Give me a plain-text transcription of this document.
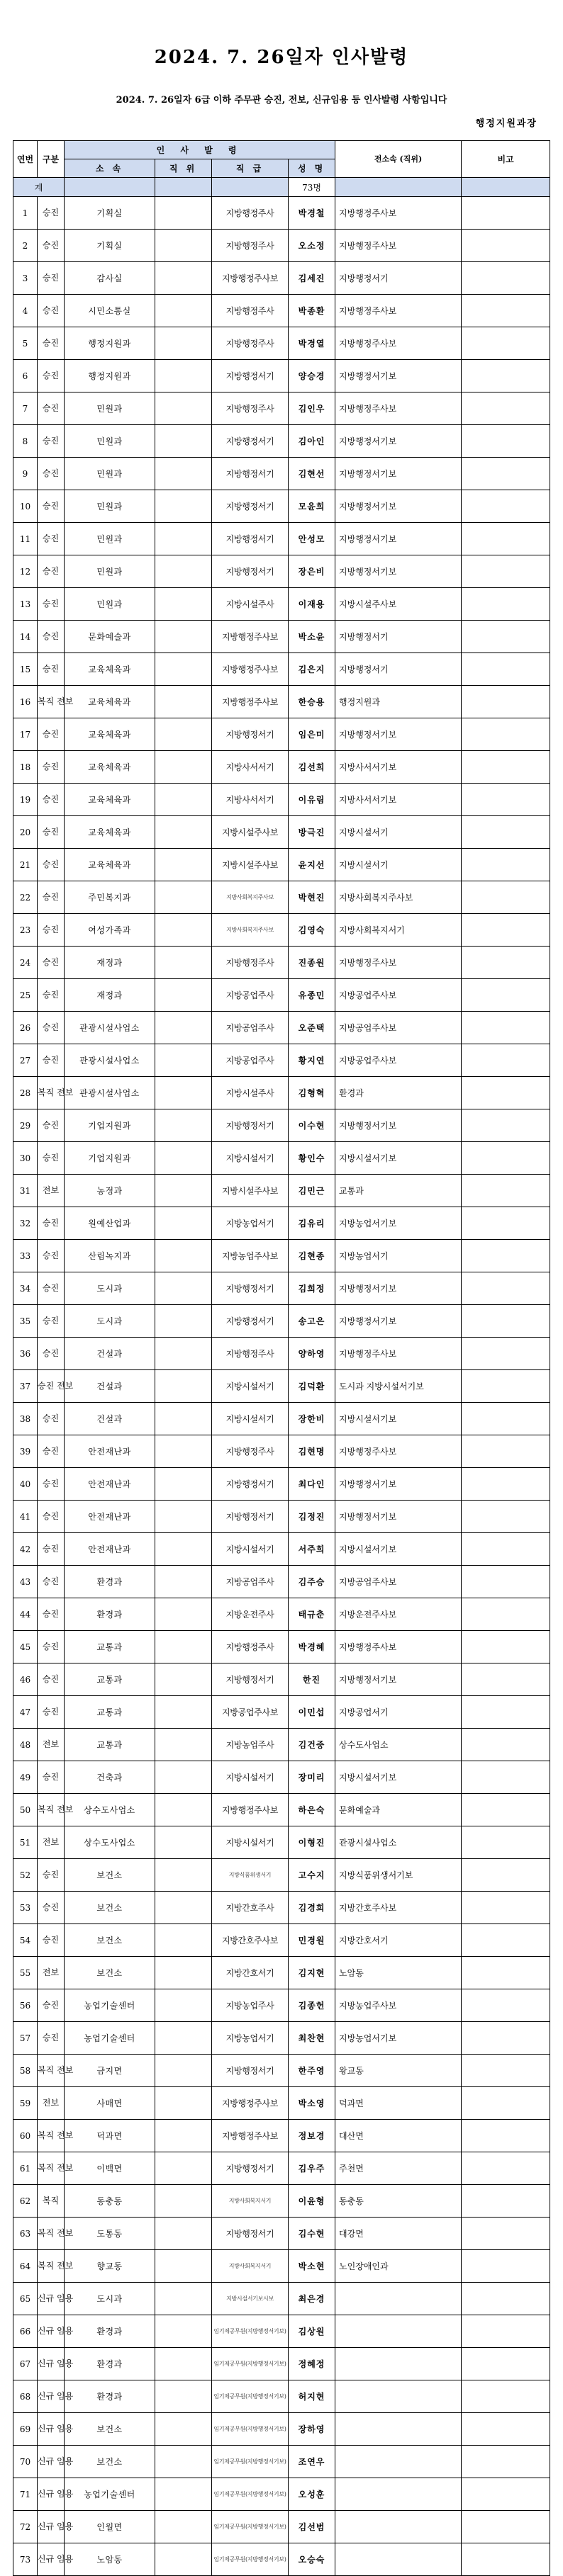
2024. 7. 26일자 인사발령
2024. 7. 26일자 6급 이하 주무관 승진, 전보, 신규임용 등 인사발령 사항입니다
행정지원과장
연번	구분	인 사 발 령				전소속 (직위)	비고
		소 속	직 위	직 급	성 명		
계					73명		
1	승진	기획실		지방행정주사	박경철	지방행정주사보	
2	승진	기획실		지방행정주사	오소정	지방행정주사보	
3	승진	감사실		지방행정주사보	김세진	지방행정서기	
4	승진	시민소통실		지방행정주사	박종환	지방행정주사보	
5	승진	행정지원과		지방행정주사	박경열	지방행정주사보	
6	승진	행정지원과		지방행정서기	양승경	지방행정서기보	
7	승진	민원과		지방행정주사	김인우	지방행정주사보	
8	승진	민원과		지방행정서기	김아인	지방행정서기보	
9	승진	민원과		지방행정서기	김현선	지방행정서기보	
10	승진	민원과		지방행정서기	모윤희	지방행정서기보	
11	승진	민원과		지방행정서기	안성모	지방행정서기보	
12	승진	민원과		지방행정서기	장은비	지방행정서기보	
13	승진	민원과		지방시설주사	이재용	지방시설주사보	
14	승진	문화예술과		지방행정주사보	박소윤	지방행정서기	
15	승진	교육체육과		지방행정주사보	김은지	지방행정서기	
16	복직 전보	교육체육과		지방행정주사보	한승용	행정지원과	
17	승진	교육체육과		지방행정서기	임은미	지방행정서기보	
18	승진	교육체육과		지방사서서기	김선희	지방사서서기보	
19	승진	교육체육과		지방사서서기	이유림	지방사서서기보	
20	승진	교육체육과		지방시설주사보	방극진	지방시설서기	
21	승진	교육체육과		지방시설주사보	윤지선	지방시설서기	
22	승진	주민복지과		지방사회복지주사보	박현진	지방사회복지주사보	
23	승진	여성가족과		지방사회복지주사보	김영숙	지방사회복지서기	
24	승진	재정과		지방행정주사	진종원	지방행정주사보	
25	승진	재정과		지방공업주사	유종민	지방공업주사보	
26	승진	관광시설사업소		지방공업주사	오준택	지방공업주사보	
27	승진	관광시설사업소		지방공업주사	황지연	지방공업주사보	
28	복직 전보	관광시설사업소		지방시설주사	김형혁	환경과	
29	승진	기업지원과		지방행정서기	이수현	지방행정서기보	
30	승진	기업지원과		지방시설서기	황인수	지방시설서기보	
31	전보	농정과		지방시설주사보	김민근	교통과	
32	승진	원예산업과		지방농업서기	김유리	지방농업서기보	
33	승진	산림녹지과		지방농업주사보	김현종	지방농업서기	
34	승진	도시과		지방행정서기	김희정	지방행정서기보	
35	승진	도시과		지방행정서기	송고은	지방행정서기보	
36	승진	건설과		지방행정주사	양하영	지방행정주사보	
37	승진 전보	건설과		지방시설서기	김덕환	도시과 지방시설서기보	
38	승진	건설과		지방시설서기	장한비	지방시설서기보	
39	승진	안전재난과		지방행정주사	김현명	지방행정주사보	
40	승진	안전재난과		지방행정서기	최다인	지방행정서기보	
41	승진	안전재난과		지방행정서기	김정진	지방행정서기보	
42	승진	안전재난과		지방시설서기	서주희	지방시설서기보	
43	승진	환경과		지방공업주사	김주승	지방공업주사보	
44	승진	환경과		지방운전주사	태규춘	지방운전주사보	
45	승진	교통과		지방행정주사	박경혜	지방행정주사보	
46	승진	교통과		지방행정서기	한진	지방행정서기보	
47	승진	교통과		지방공업주사보	이민섭	지방공업서기	
48	전보	교통과		지방농업주사	김건중	상수도사업소	
49	승진	건축과		지방시설서기	장미리	지방시설서기보	
50	복직 전보	상수도사업소		지방행정주사보	하은숙	문화예술과	
51	전보	상수도사업소		지방시설서기	이형진	관광시설사업소	
52	승진	보건소		지방식품위생서기	고수지	지방식품위생서기보	
53	승진	보건소		지방간호주사	김경희	지방간호주사보	
54	승진	보건소		지방간호주사보	민경원	지방간호서기	
55	전보	보건소		지방간호서기	김지현	노암동	
56	승진	농업기술센터		지방농업주사	김종헌	지방농업주사보	
57	승진	농업기술센터		지방농업서기	최찬현	지방농업서기보	
58	복직 전보	금지면		지방행정서기	한주영	왕교동	
59	전보	사매면		지방행정주사보	박소영	덕과면	
60	복직 전보	덕과면		지방행정주사보	정보경	대산면	
61	복직 전보	이백면		지방행정서기	김우주	주천면	
62	복직	동충동		지방사회복지서기	이윤형	동충동	
63	복직 전보	도통동		지방행정서기	김수현	대강면	
64	복직 전보	향교동		지방사회복지서기	박소현	노인장애인과	
65	신규 임용	도시과		지방시설서기보시보	최은경		
66	신규 임용	환경과		임기제공무원(지방행정서기보)	김상원		
67	신규 임용	환경과		임기제공무원(지방행정서기보)	정혜정		
68	신규 임용	환경과		임기제공무원(지방행정서기보)	허지현		
69	신규 임용	보건소		임기제공무원(지방행정서기보)	장하영		
70	신규 임용	보건소		임기제공무원(지방행정서기보)	조연우		
71	신규 임용	농업기술센터		임기제공무원(지방행정서기보)	오성훈		
72	신규 임용	인월면		임기제공무원(지방행정서기보)	김선범		
73	신규 임용	노암동		임기제공무원(지방행정서기보)	오승숙		
